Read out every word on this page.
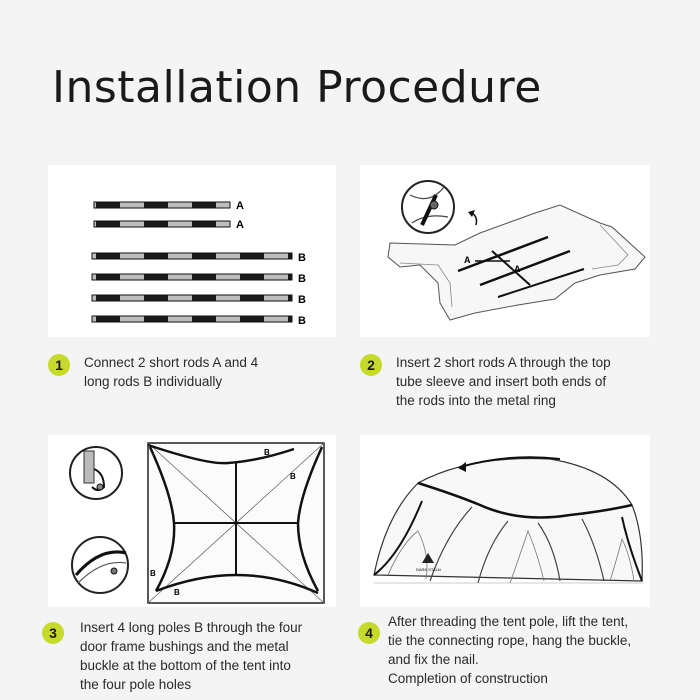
Installation Procedure
A
A
B
B
B
B
A
A
B
B
B
B	DARK STALN
1	Connect 2 short rods A and 4
long rods B individually
2	Insert 2 short rods A through the top
tube sleeve and insert both ends of
the rods into the metal ring
3	Insert 4 long poles B through the four
door frame bushings and the metal
buckle at the bottom of the tent into
the four pole holes
4
After threading the tent pole, lift the tent,
tie the connecting rope, hang the buckle,
and fix the nail.
Completion of construction
